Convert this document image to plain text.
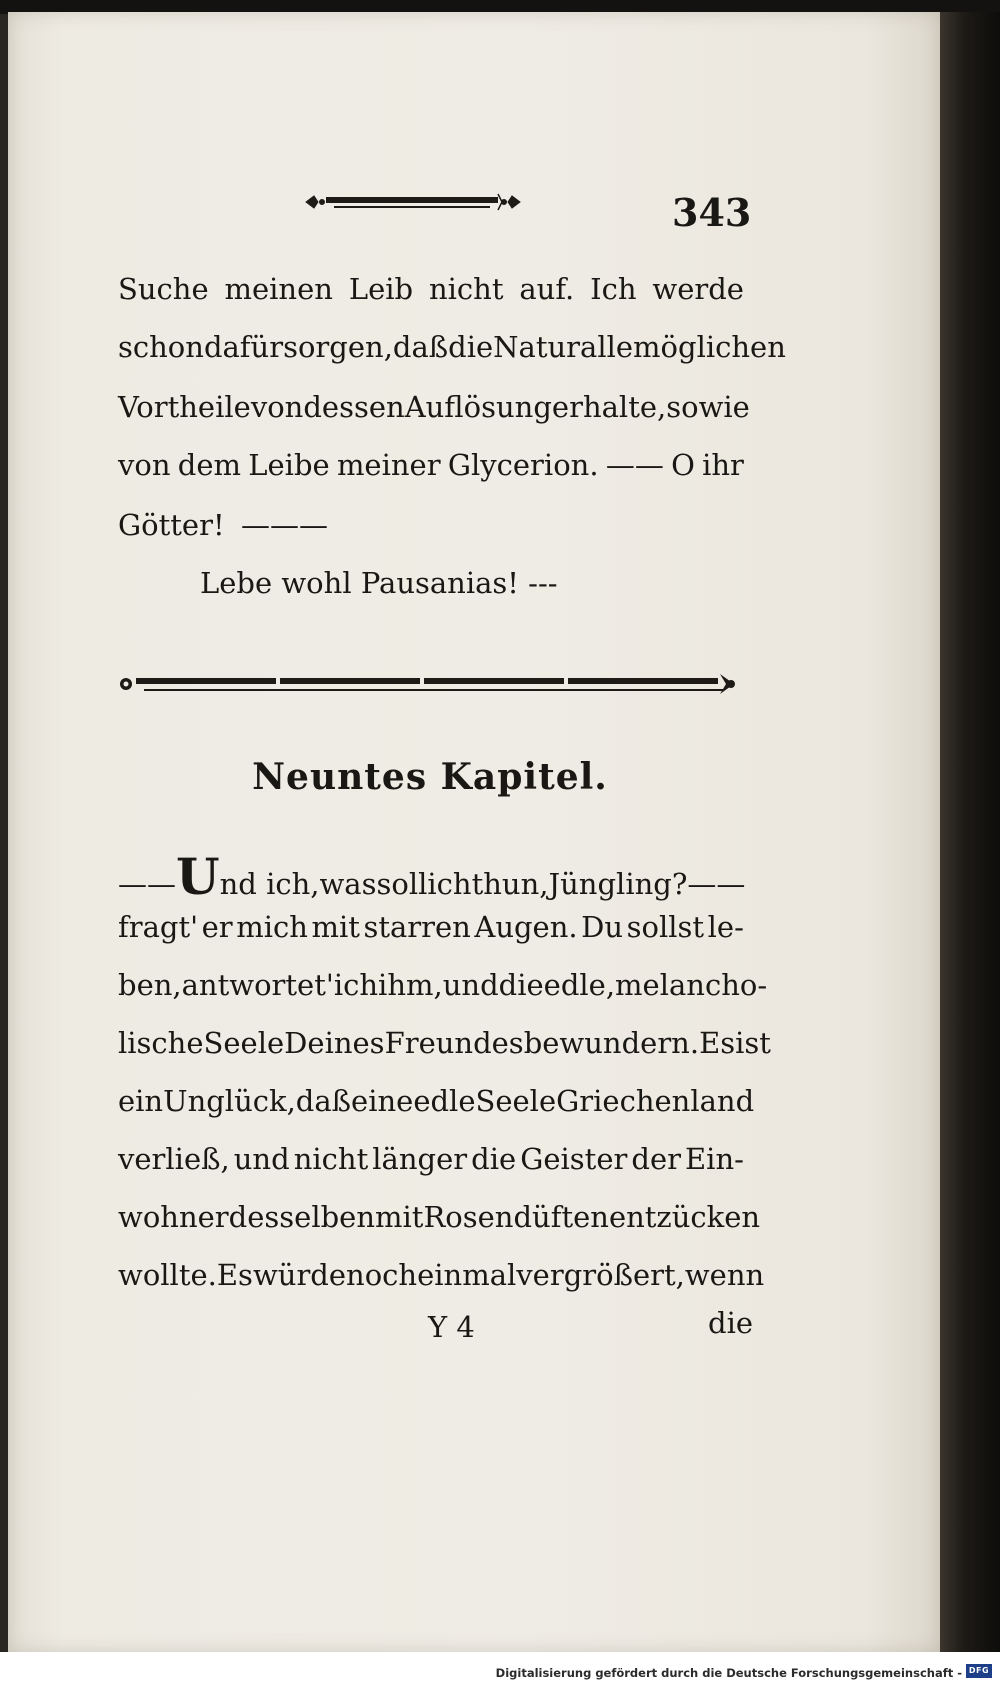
343
Suche meinen Leib nicht auf. Ich werde
schon dafür sorgen, daß die Natur alle möglichen
Vortheile von dessen Auflösung erhalte, so wie
von dem Leibe meiner Glycerion. —— O ihr
Götter! ———
Lebe wohl Pausanias! ---
Neuntes Kapitel.
—— Und ich, was soll ich thun, Jüngling? ——
fragt' er mich mit starren Augen. Du sollst le-
ben, antwortet' ich ihm, und die edle, melancho-
lische Seele Deines Freundes bewundern. Es ist
ein Unglück, daß eine edle Seele Griechenland
verließ, und nicht länger die Geister der Ein-
wohner desselben mit Rosendüften entzücken
wollte. Es würde noch einmal vergrößert, wenn
Y 4	die
Digitalisierung gefördert durch die Deutsche Forschungsgemeinschaft - DFG
